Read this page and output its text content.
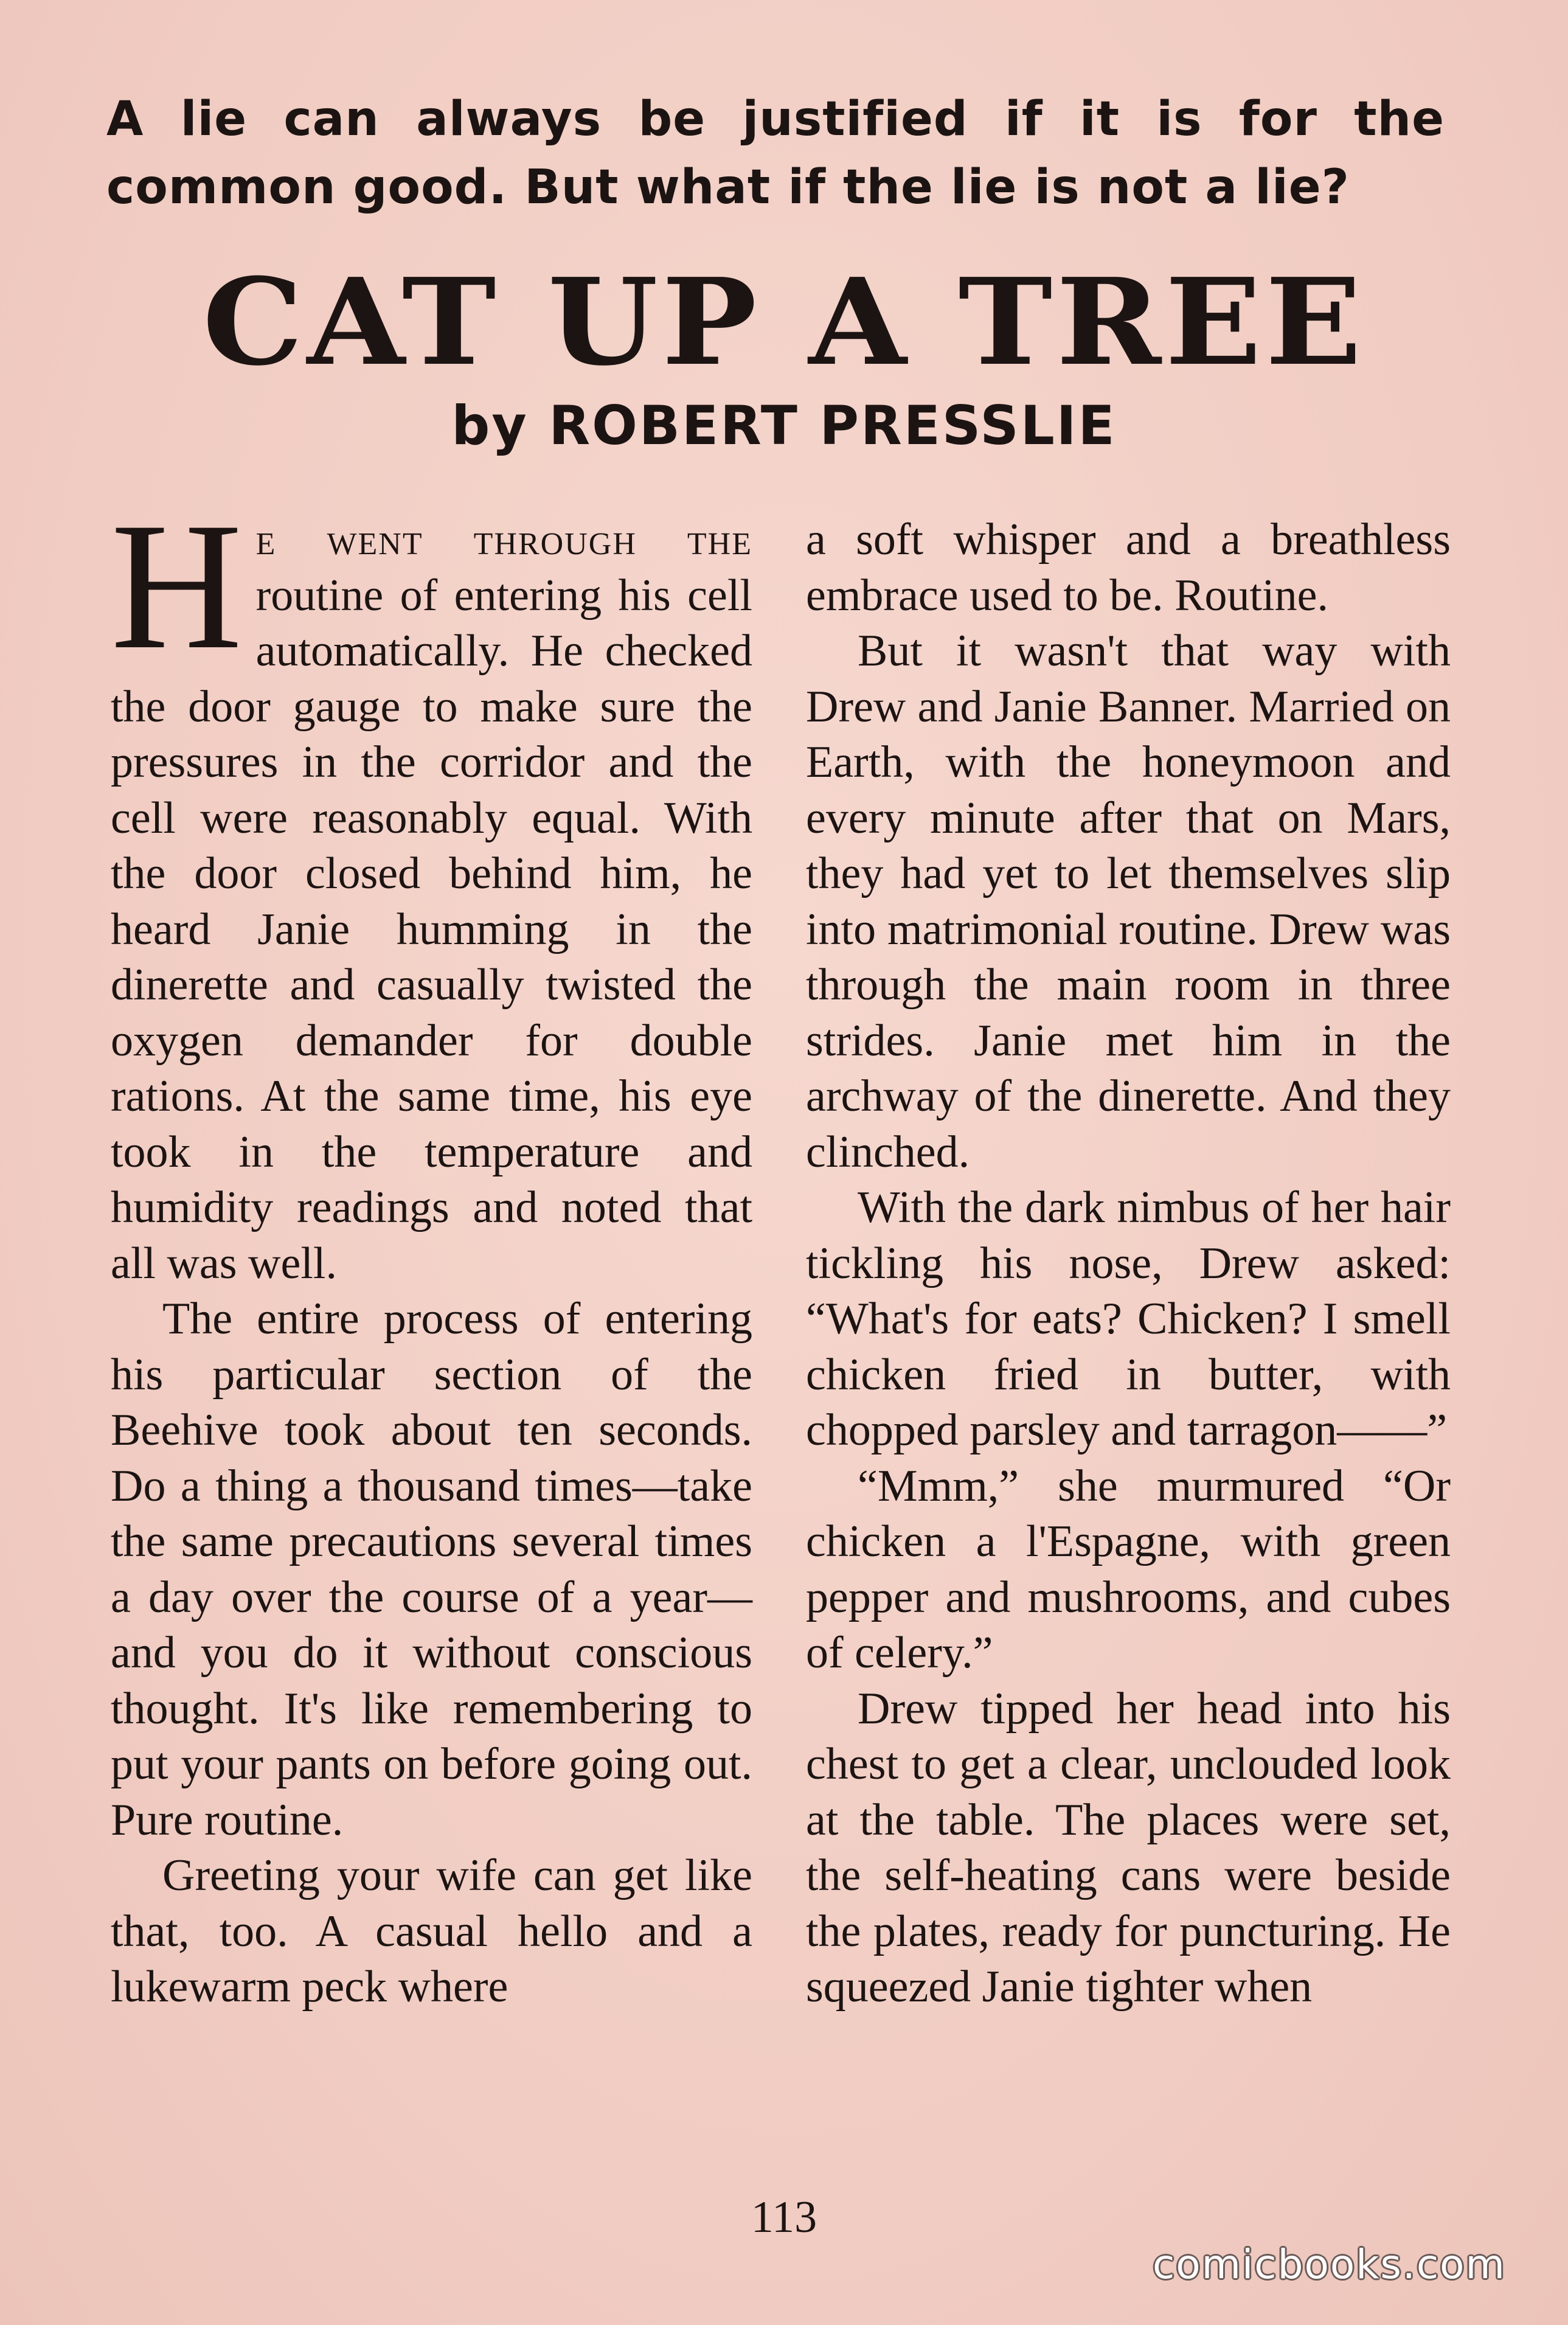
A lie can always be justified if it is for the common good. But what if the lie is not a lie?
CAT UP A TREE
by ROBERT PRESSLIE

He went through the routine of entering his cell automatically. He checked the door gauge to make sure the pressures in the corridor and the cell were reasonably equal. With the door closed behind him, he heard Janie humming in the dinerette and casually twisted the oxygen demander for double rations. At the same time, his eye took in the temperature and humidity readings and noted that all was well.

The entire process of entering his particular section of the Beehive took about ten seconds. Do a thing a thousand times—take the same precautions several times a day over the course of a year—and you do it without conscious thought. It's like remembering to put your pants on before going out. Pure routine.

Greeting your wife can get like that, too. A casual hello and a lukewarm peck where

a soft whisper and a breathless embrace used to be. Routine.

But it wasn't that way with Drew and Janie Banner. Married on Earth, with the honeymoon and every minute after that on Mars, they had yet to let themselves slip into matrimonial routine. Drew was through the main room in three strides. Janie met him in the archway of the dinerette. And they clinched.

With the dark nimbus of her hair tickling his nose, Drew asked: “What's for eats? Chicken? I smell chicken fried in butter, with chopped parsley and tarragon——”

“Mmm,” she murmured “Or chicken a l'Espagne, with green pepper and mushrooms, and cubes of celery.”

Drew tipped her head into his chest to get a clear, unclouded look at the table. The places were set, the self-heating cans were beside the plates, ready for puncturing. He squeezed Janie tighter when

113
comicbooks.com
